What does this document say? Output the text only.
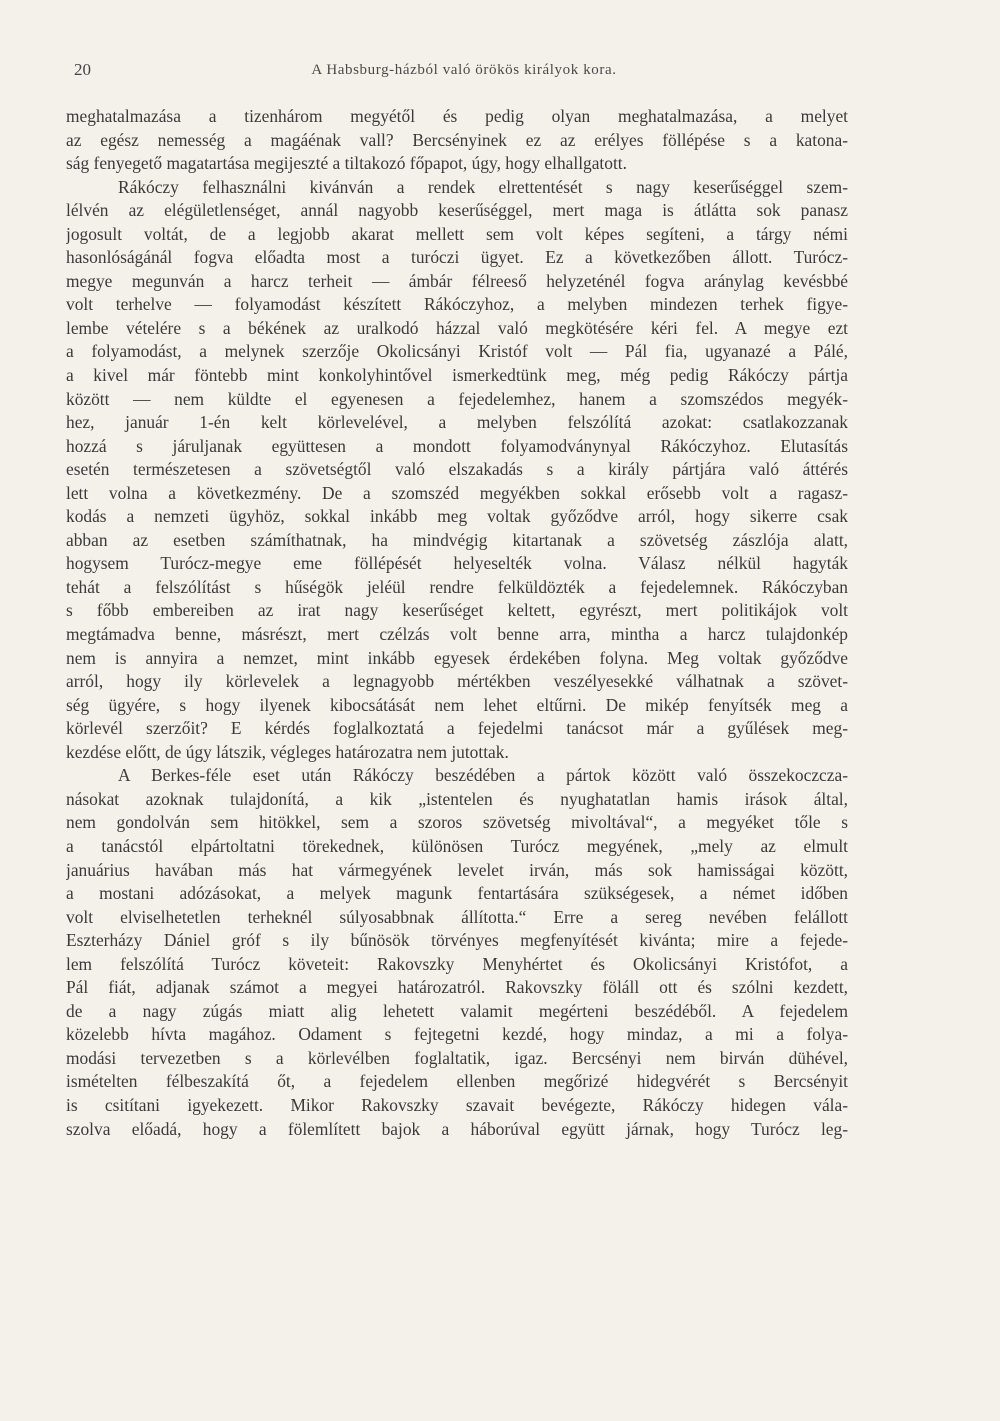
20	A Habsburg-házból való örökös királyok kora.
meghatalmazása a tizenhárom megyétől és pedig olyan meghatalmazása, a melyet
az egész nemesség a magáénak vall? Bercsényinek ez az erélyes föllépése s a katona-
ság fenyegető magatartása megijeszté a tiltakozó főpapot, úgy, hogy elhallgatott.
Rákóczy felhasználni kivánván a rendek elrettentését s nagy keserűséggel szem-
lélvén az elégületlenséget, annál nagyobb keserűséggel, mert maga is átlátta sok panasz
jogosult voltát, de a legjobb akarat mellett sem volt képes segíteni, a tárgy némi
hasonlóságánál fogva előadta most a turóczi ügyet. Ez a következőben állott. Turócz-
megye megunván a harcz terheit — ámbár félreeső helyzeténél fogva aránylag kevésbbé
volt terhelve — folyamodást készített Rákóczyhoz, a melyben mindezen terhek figye-
lembe vételére s a békének az uralkodó házzal való megkötésére kéri fel. A megye ezt
a folyamodást, a melynek szerzője Okolicsányi Kristóf volt — Pál fia, ugyanazé a Pálé,
a kivel már föntebb mint konkolyhintővel ismerkedtünk meg, még pedig Rákóczy pártja
között — nem küldte el egyenesen a fejedelemhez, hanem a szomszédos megyék-
hez, január 1-én kelt körlevelével, a melyben felszólítá azokat: csatlakozzanak
hozzá s járuljanak együttesen a mondott folyamodványnyal Rákóczyhoz. Elutasítás
esetén természetesen a szövetségtől való elszakadás s a király pártjára való áttérés
lett volna a következmény. De a szomszéd megyékben sokkal erősebb volt a ragasz-
kodás a nemzeti ügyhöz, sokkal inkább meg voltak győződve arról, hogy sikerre csak
abban az esetben számíthatnak, ha mindvégig kitartanak a szövetség zászlója alatt,
hogysem Turócz-megye eme föllépését helyeselték volna. Válasz nélkül hagyták
tehát a felszólítást s hűségök jeléül rendre felküldözték a fejedelemnek. Rákóczyban
s főbb embereiben az irat nagy keserűséget keltett, egyrészt, mert politikájok volt
megtámadva benne, másrészt, mert czélzás volt benne arra, mintha a harcz tulajdonkép
nem is annyira a nemzet, mint inkább egyesek érdekében folyna. Meg voltak győződve
arról, hogy ily körlevelek a legnagyobb mértékben veszélyesekké válhatnak a szövet-
ség ügyére, s hogy ilyenek kibocsátását nem lehet eltűrni. De mikép fenyítsék meg a
körlevél szerzőit? E kérdés foglalkoztatá a fejedelmi tanácsot már a gyűlések meg-
kezdése előtt, de úgy látszik, végleges határozatra nem jutottak.
A Berkes-féle eset után Rákóczy beszédében a pártok között való összekoczcza-
násokat azoknak tulajdonítá, a kik „istentelen és nyughatatlan hamis irások által,
nem gondolván sem hitökkel, sem a szoros szövetség mivoltával“, a megyéket tőle s
a tanácstól elpártoltatni törekednek, különösen Turócz megyének, „mely az elmult
januárius havában más hat vármegyének levelet irván, más sok hamisságai között,
a mostani adózásokat, a melyek magunk fentartására szükségesek, a német időben
volt elviselhetetlen terheknél súlyosabbnak állította.“ Erre a sereg nevében felállott
Eszterházy Dániel gróf s ily bűnösök törvényes megfenyítését kivánta; mire a fejede-
lem felszólítá Turócz követeit: Rakovszky Menyhértet és Okolicsányi Kristófot, a
Pál fiát, adjanak számot a megyei határozatról. Rakovszky föláll ott és szólni kezdett,
de a nagy zúgás miatt alig lehetett valamit megérteni beszédéből. A fejedelem
közelebb hívta magához. Odament s fejtegetni kezdé, hogy mindaz, a mi a folya-
modási tervezetben s a körlevélben foglaltatik, igaz. Bercsényi nem birván dühével,
ismételten félbeszakítá őt, a fejedelem ellenben megőrizé hidegvérét s Bercsényit
is csitítani igyekezett. Mikor Rakovszky szavait bevégezte, Rákóczy hidegen vála-
szolva előadá, hogy a fölemlített bajok a háborúval együtt járnak, hogy Turócz leg-
